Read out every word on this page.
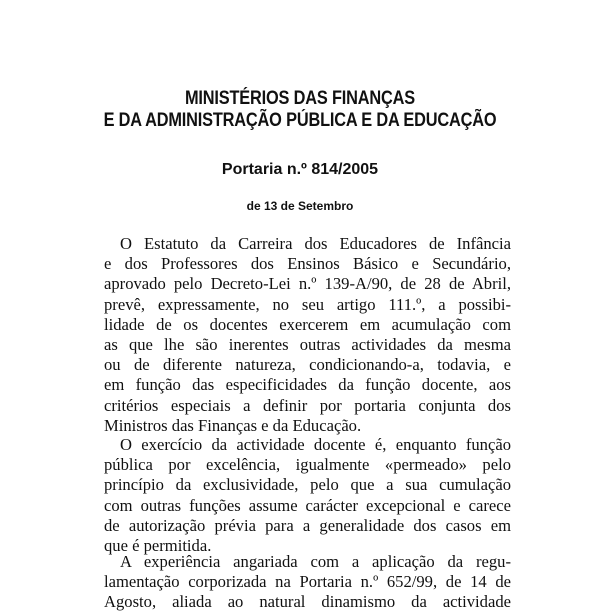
MINISTÉRIOS DAS FINANÇAS
E DA ADMINISTRAÇÃO PÚBLICA E DA EDUCAÇÃO
Portaria n.º 814/2005
de 13 de Setembro
O Estatuto da Carreira dos Educadores de Infância
e dos Professores dos Ensinos Básico e Secundário,
aprovado pelo Decreto-Lei n.º 139-A/90, de 28 de Abril,
prevê, expressamente, no seu artigo 111.º, a possibi-
lidade de os docentes exercerem em acumulação com
as que lhe são inerentes outras actividades da mesma
ou de diferente natureza, condicionando-a, todavia, e
em função das especificidades da função docente, aos
critérios especiais a definir por portaria conjunta dos
Ministros das Finanças e da Educação.
O exercício da actividade docente é, enquanto função
pública por excelência, igualmente «permeado» pelo
princípio da exclusividade, pelo que a sua cumulação
com outras funções assume carácter excepcional e carece
de autorização prévia para a generalidade dos casos em
que é permitida.
A experiência angariada com a aplicação da regu-
lamentação corporizada na Portaria n.º 652/99, de 14 de
Agosto, aliada ao natural dinamismo da actividade
